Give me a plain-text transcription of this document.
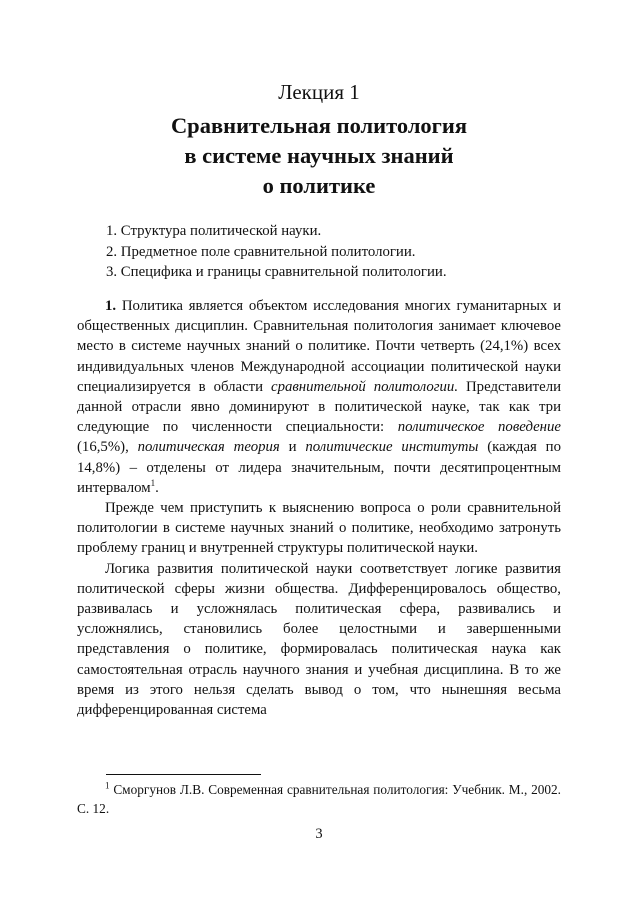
Лекция 1
Сравнительная политология
в системе научных знаний
о политике
1. Структура политической науки.
2. Предметное поле сравнительной политологии.
3. Специфика и границы сравнительной политологии.

1. Политика является объектом исследования многих гуманитарных и общественных дисциплин. Сравнительная политология занимает ключевое место в системе научных знаний о политике. Почти четверть (24,1%) всех индивидуальных членов Международной ассоциации политической науки специализируется в области сравнительной политологии. Представители данной отрасли явно доминируют в политической науке, так как три следующие по численности специальности: политическое поведение (16,5%), политическая теория и политические институты (каждая по 14,8%) – отделены от лидера значительным, почти десятипроцентным интервалом$^1$.

Прежде чем приступить к выяснению вопроса о роли сравнительной политологии в системе научных знаний о политике, необходимо затронуть проблему границ и внутренней структуры политической науки.

Логика развития политической науки соответствует логике развития политической сферы жизни общества. Дифференцировалось общество, развивалась и усложнялась политическая сфера, развивались и усложнялись, становились более целостными и завершенными представления о политике, формировалась политическая наука как самостоятельная отрасль научного знания и учебная дисциплина. В то же время из этого нельзя сделать вывод о том, что нынешняя весьма дифференцированная система

$^1$ Сморгунов Л.В. Современная сравнительная политология: Учебник. М., 2002. С. 12.
3
